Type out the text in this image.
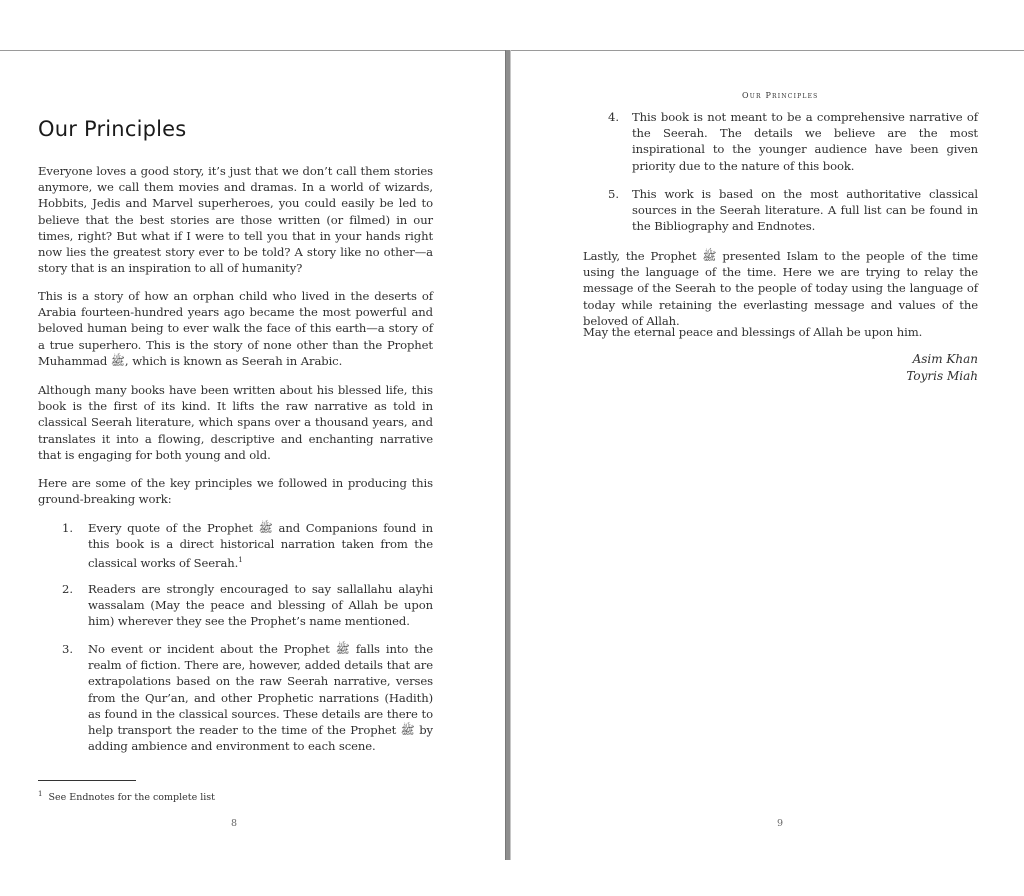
Our Principles

Everyone loves a good story, it’s just that we don’t call them stories anymore, we call them movies and dramas. In a world of wizards, Hobbits, Jedis and Marvel superheroes, you could easily be led to believe that the best stories are those written (or filmed) in our times, right? But what if I were to tell you that in your hands right now lies the greatest story ever to be told? A story like no other—a story that is an inspiration to all of humanity?

This is a story of how an orphan child who lived in the deserts of Arabia fourteen-hundred years ago became the most powerful and beloved human being to ever walk the face of this earth—a story of a true superhero. This is the story of none other than the Prophet Muhammad ﷺ, which is known as Seerah in Arabic.

Although many books have been written about his blessed life, this book is the first of its kind. It lifts the raw narrative as told in classical Seerah literature, which spans over a thousand years, and translates it into a flowing, descriptive and enchanting narrative that is engaging for both young and old.

Here are some of the key principles we followed in producing this ground-breaking work:

1. Every quote of the Prophet ﷺ and Companions found in this book is a direct historical narration taken from the classical works of Seerah.$^1$

2. Readers are strongly encouraged to say sallallahu alayhi wassalam (May the peace and blessing of Allah be upon him) wherever they see the Prophet’s name mentioned.

3. No event or incident about the Prophet ﷺ falls into the realm of fiction. There are, however, added details that are extrapolations based on the raw Seerah narrative, verses from the Qur’an, and other Prophetic narrations (Hadith) as found in the classical sources. These details are there to help transport the reader to the time of the Prophet ﷺ by adding ambience and environment to each scene.

$^1$ See Endnotes for the complete list

8

Our Principles

4. This book is not meant to be a comprehensive narrative of the Seerah. The details we believe are the most inspirational to the younger audience have been given priority due to the nature of this book.

5. This work is based on the most authoritative classical sources in the Seerah literature. A full list can be found in the Bibliography and Endnotes.

Lastly, the Prophet ﷺ presented Islam to the people of the time using the language of the time. Here we are trying to relay the message of the Seerah to the people of today using the language of today while retaining the everlasting message and values of the beloved of Allah.

May the eternal peace and blessings of Allah be upon him.

Asim Khan

Toyris Miah

9
